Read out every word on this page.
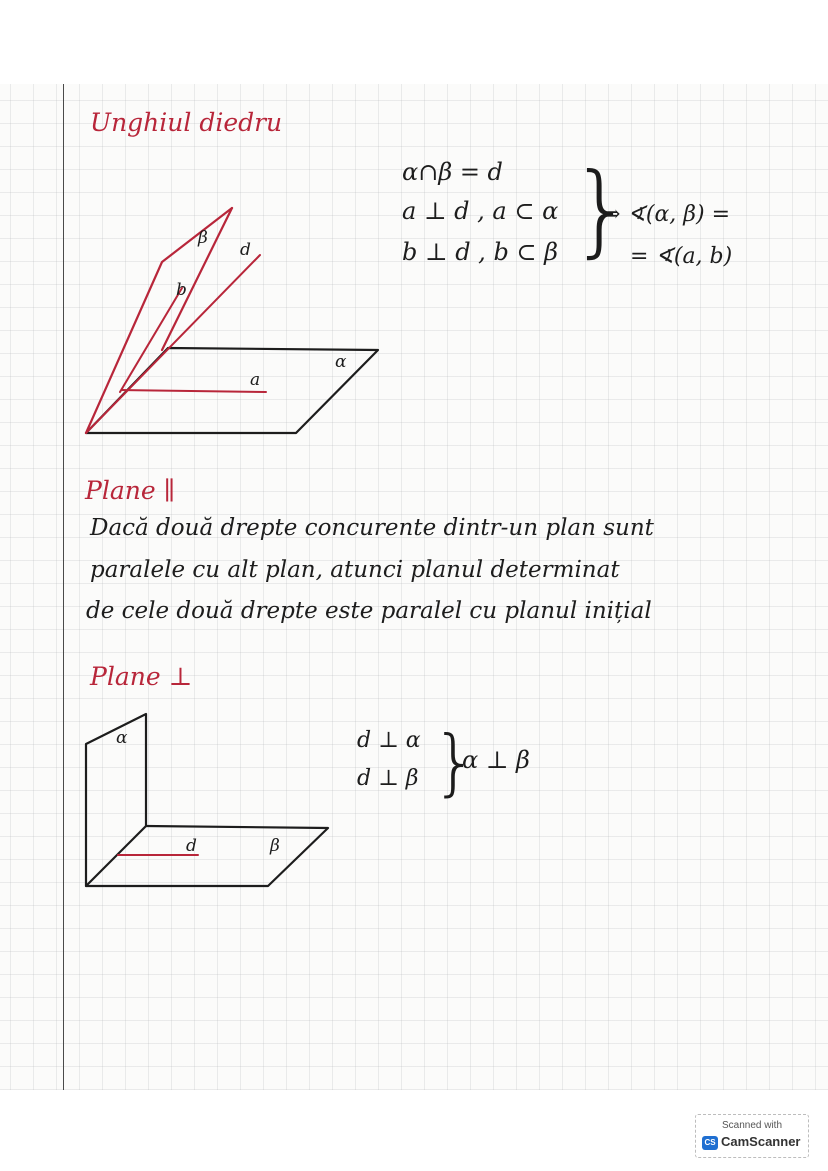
Unghiul diedru
β
d
b
a
α
α∩β = d
a ⊥ d , a ⊂ α
b ⊥ d , b ⊂ β }
⇒ ∢(α, β) =
= ∢(a, b)
Plane ∥
Dacă două drepte concurente dintr-un plan sunt
paralele cu alt plan, atunci planul determinat
de cele două drepte este paralel cu planul inițial
Plane ⊥
α
d	β
d ⊥ α
d ⊥ β }
α ⊥ β
Scanned with
CS CamScanner
